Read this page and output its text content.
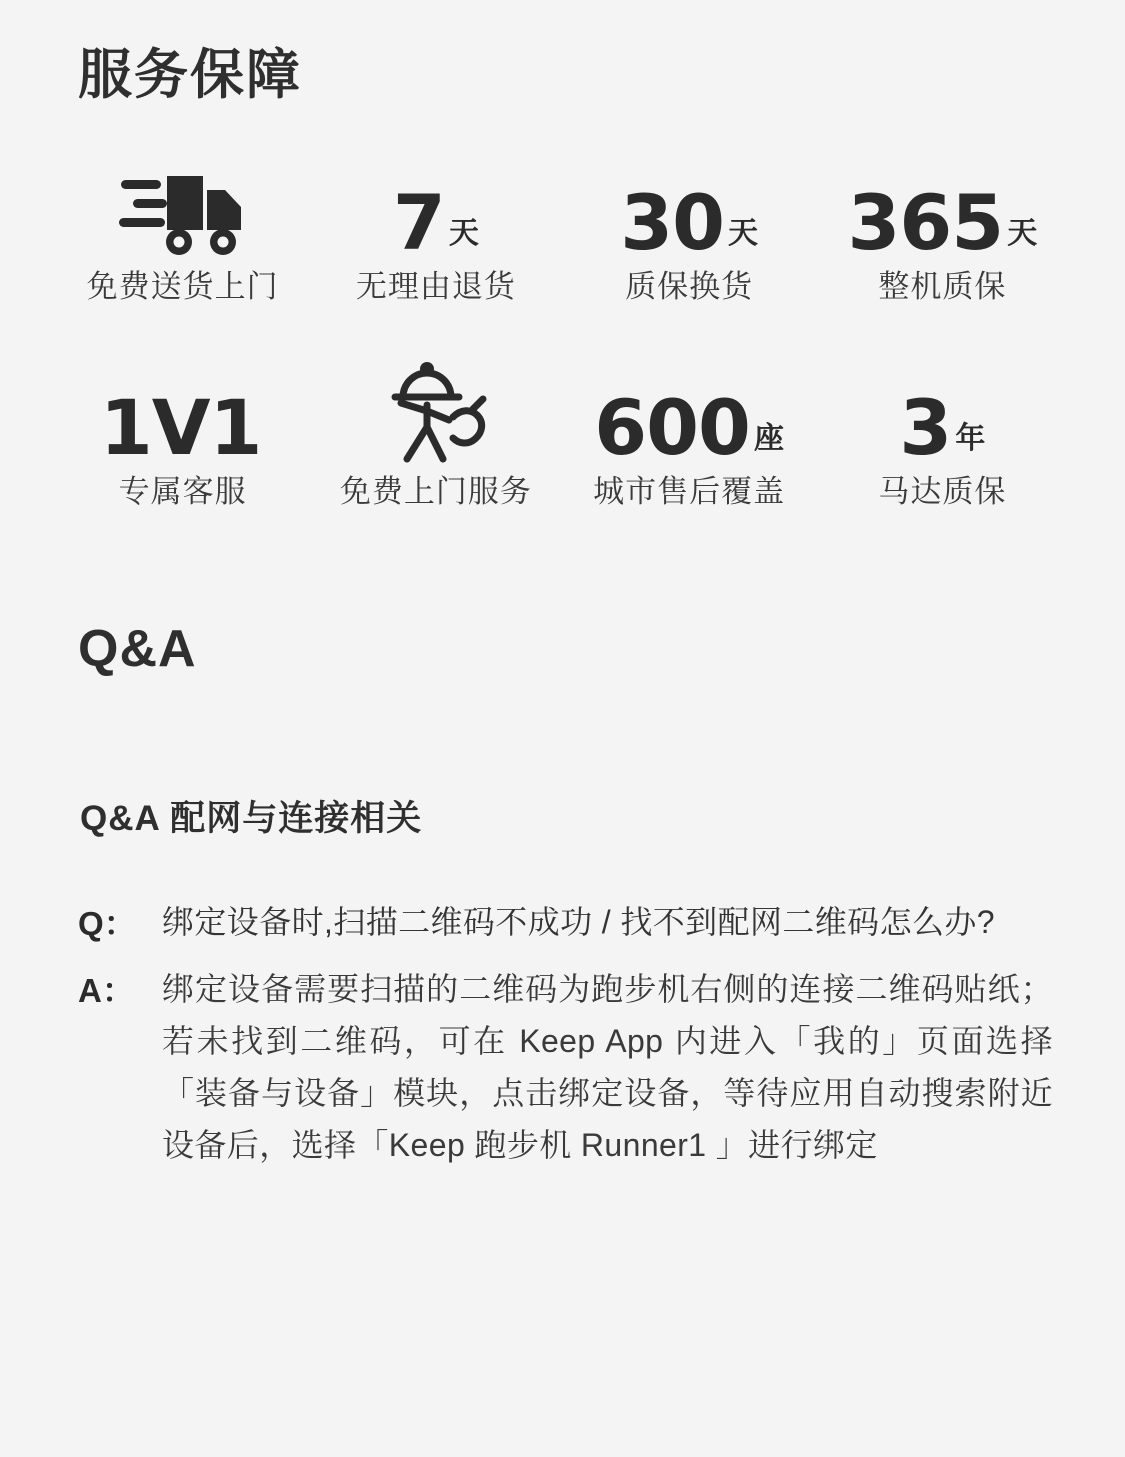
服务保障
免费送货上门
7 天
无理由退货
30 天
质保换货
365 天
整机质保
1V1
专属客服	免费上门服务
600 座
城市售后覆盖
3 年
马达质保
Q&A
Q&A 配网与连接相关
Q： 绑定设备时,扫描二维码不成功 / 找不到配网二维码怎么办?
A： 绑定设备需要扫描的二维码为跑步机右侧的连接二维码贴纸；若未找到二维码，可在 Keep App 内进入「我的」页面选择「装备与设备」模块，点击绑定设备，等待应用自动搜索附近设备后，选择「Keep 跑步机 Runner1 」进行绑定
